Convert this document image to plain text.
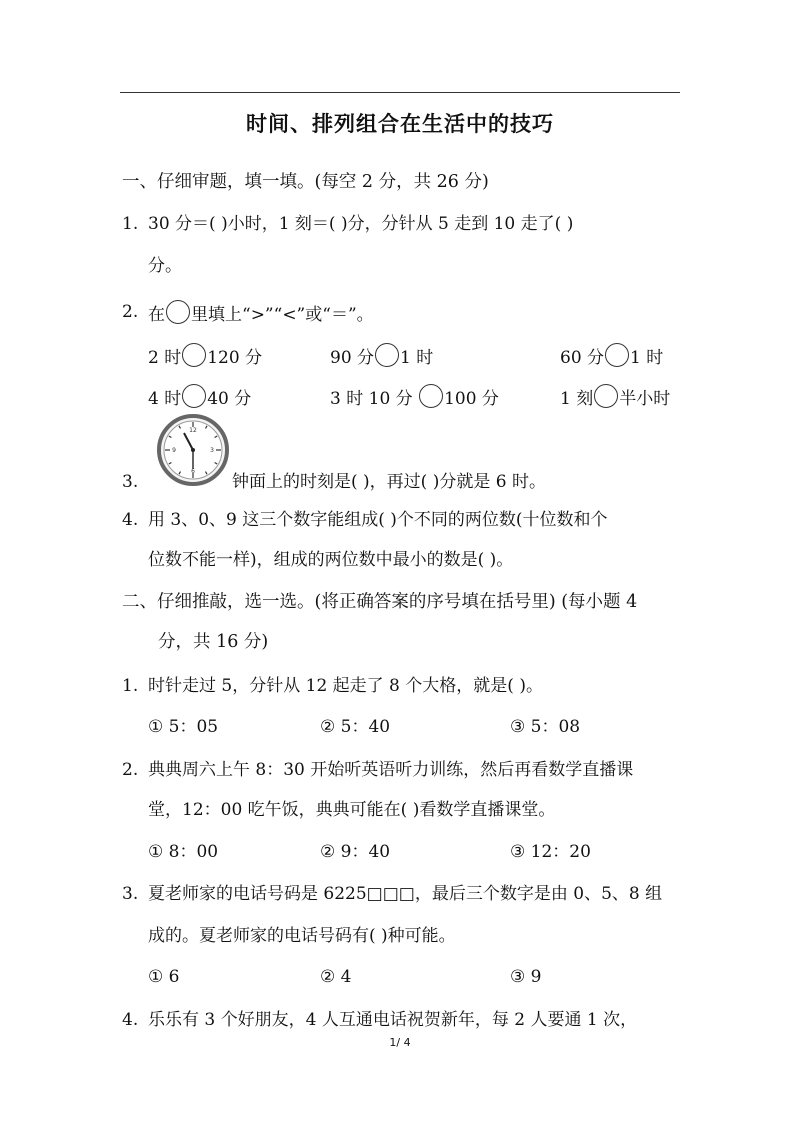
时间、排列组合在生活中的技巧
一、仔细审题，填一填。(每空 2 分，共 26 分)
1. 30 分＝( )小时，1 刻＝( )分，分针从 5 走到 10 走了( )
分。
2. 在 里填上“>”“<”或“＝”。
2 时 120 分	90 分 1 时	60 分 1 时
4 时 40 分	3 时 10 分 100 分	1 刻 半小时
12
3
6
9
3.	钟面上的时刻是( )，再过( )分就是 6 时。
4. 用 3、0、9 这三个数字能组成( )个不同的两位数(十位数和个
位数不能一样)，组成的两位数中最小的数是( )。
二、仔细推敲，选一选。(将正确答案的序号填在括号里) (每小题 4
分，共 16 分)
1. 时针走过 5，分针从 12 起走了 8 个大格，就是( )。
① 5：05	② 5：40	③ 5：08
2. 典典周六上午 8：30 开始听英语听力训练，然后再看数学直播课
堂，12：00 吃午饭，典典可能在( )看数学直播课堂。
① 8：00	② 9：40	③ 12：20
3. 夏老师家的电话号码是 6225□□□，最后三个数字是由 0、5、8 组
成的。夏老师家的电话号码有( )种可能。
① 6	② 4	③ 9
4. 乐乐有 3 个好朋友，4 人互通电话祝贺新年，每 2 人要通 1 次，
1/ 4
